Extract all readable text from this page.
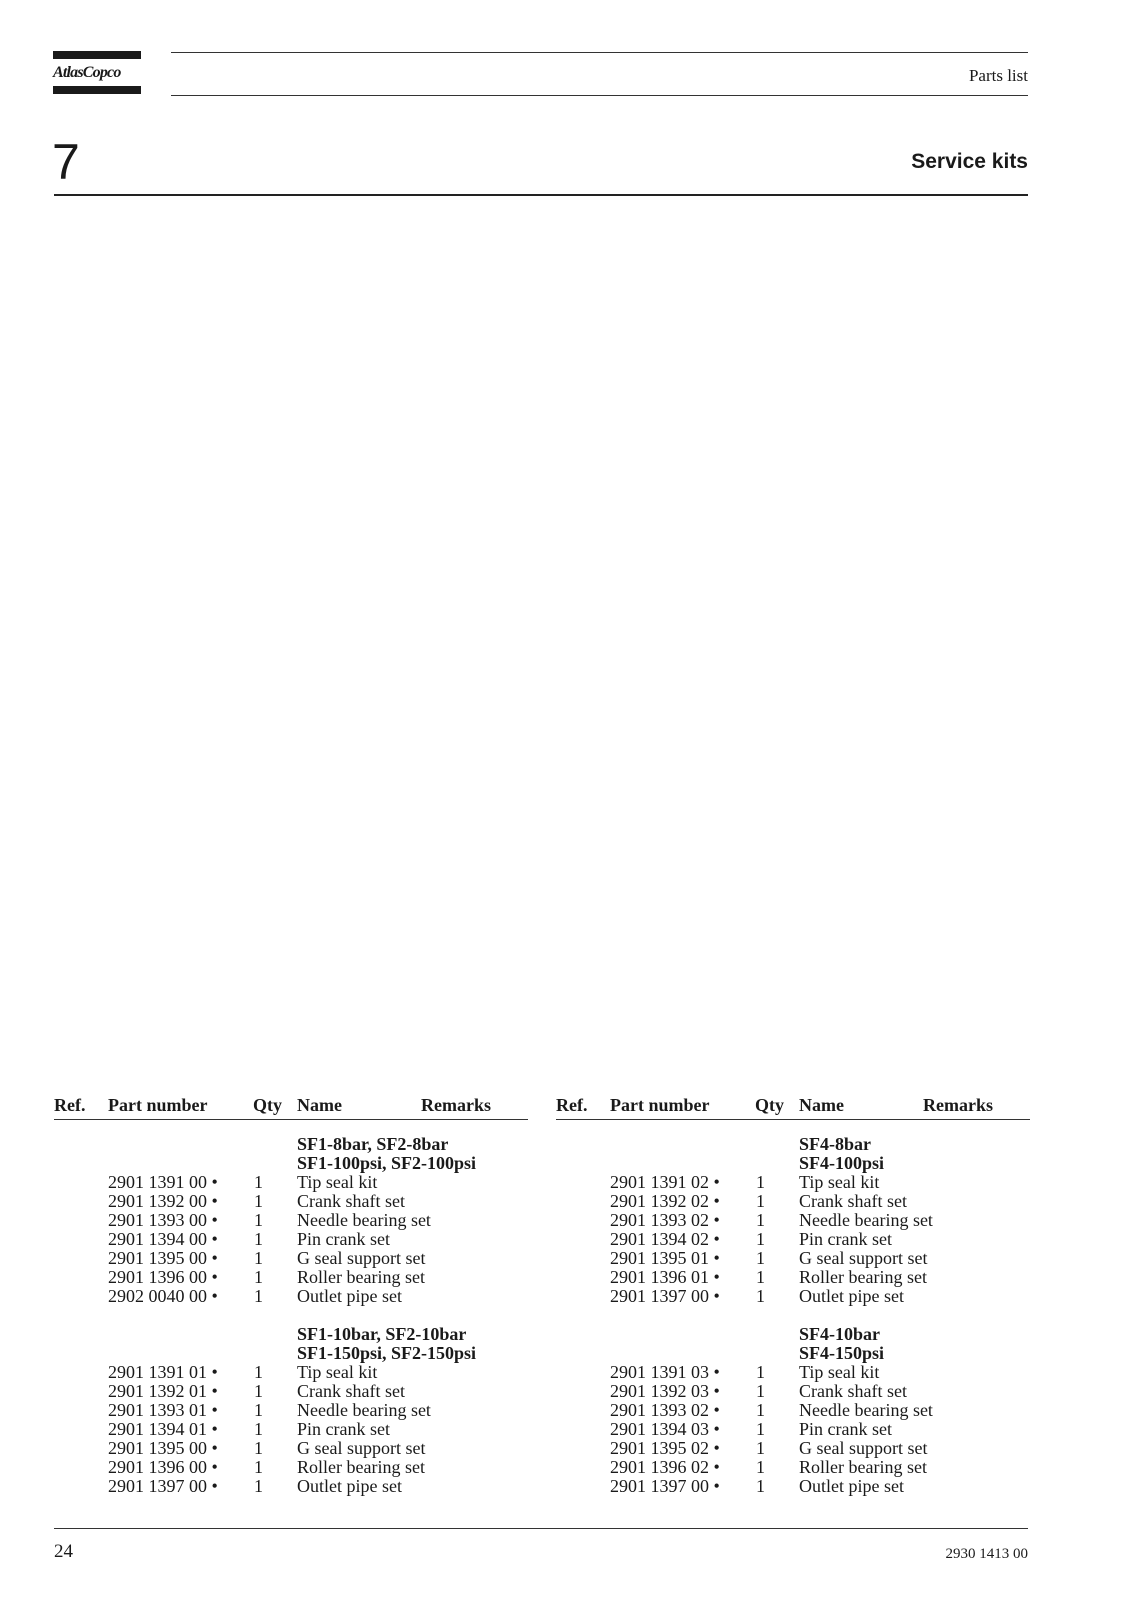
AtlasCopco	Parts list
7	Service kits
Ref. Part number	Qty Name	Remarks
SF1-8bar, SF2-8bar
SF1-100psi, SF2-100psi
2901 1391 00 • 1 Tip seal kit
2901 1392 00 • 1 Crank shaft set
2901 1393 00 • 1 Needle bearing set
2901 1394 00 • 1 Pin crank set
2901 1395 00 • 1 G seal support set
2901 1396 00 • 1 Roller bearing set
2902 0040 00 • 1 Outlet pipe set
SF1-10bar, SF2-10bar
SF1-150psi, SF2-150psi
2901 1391 01 • 1 Tip seal kit
2901 1392 01 • 1 Crank shaft set
2901 1393 01 • 1 Needle bearing set
2901 1394 01 • 1 Pin crank set
2901 1395 00 • 1 G seal support set
2901 1396 00 • 1 Roller bearing set
2901 1397 00 • 1 Outlet pipe set
Ref. Part number	Qty Name	Remarks
SF4-8bar
SF4-100psi
2901 1391 02 • 1 Tip seal kit
2901 1392 02 • 1 Crank shaft set
2901 1393 02 • 1 Needle bearing set
2901 1394 02 • 1 Pin crank set
2901 1395 01 • 1 G seal support set
2901 1396 01 • 1 Roller bearing set
2901 1397 00 • 1 Outlet pipe set
SF4-10bar
SF4-150psi
2901 1391 03 • 1 Tip seal kit
2901 1392 03 • 1 Crank shaft set
2901 1393 02 • 1 Needle bearing set
2901 1394 03 • 1 Pin crank set
2901 1395 02 • 1 G seal support set
2901 1396 02 • 1 Roller bearing set
2901 1397 00 • 1 Outlet pipe set
24	2930 1413 00
